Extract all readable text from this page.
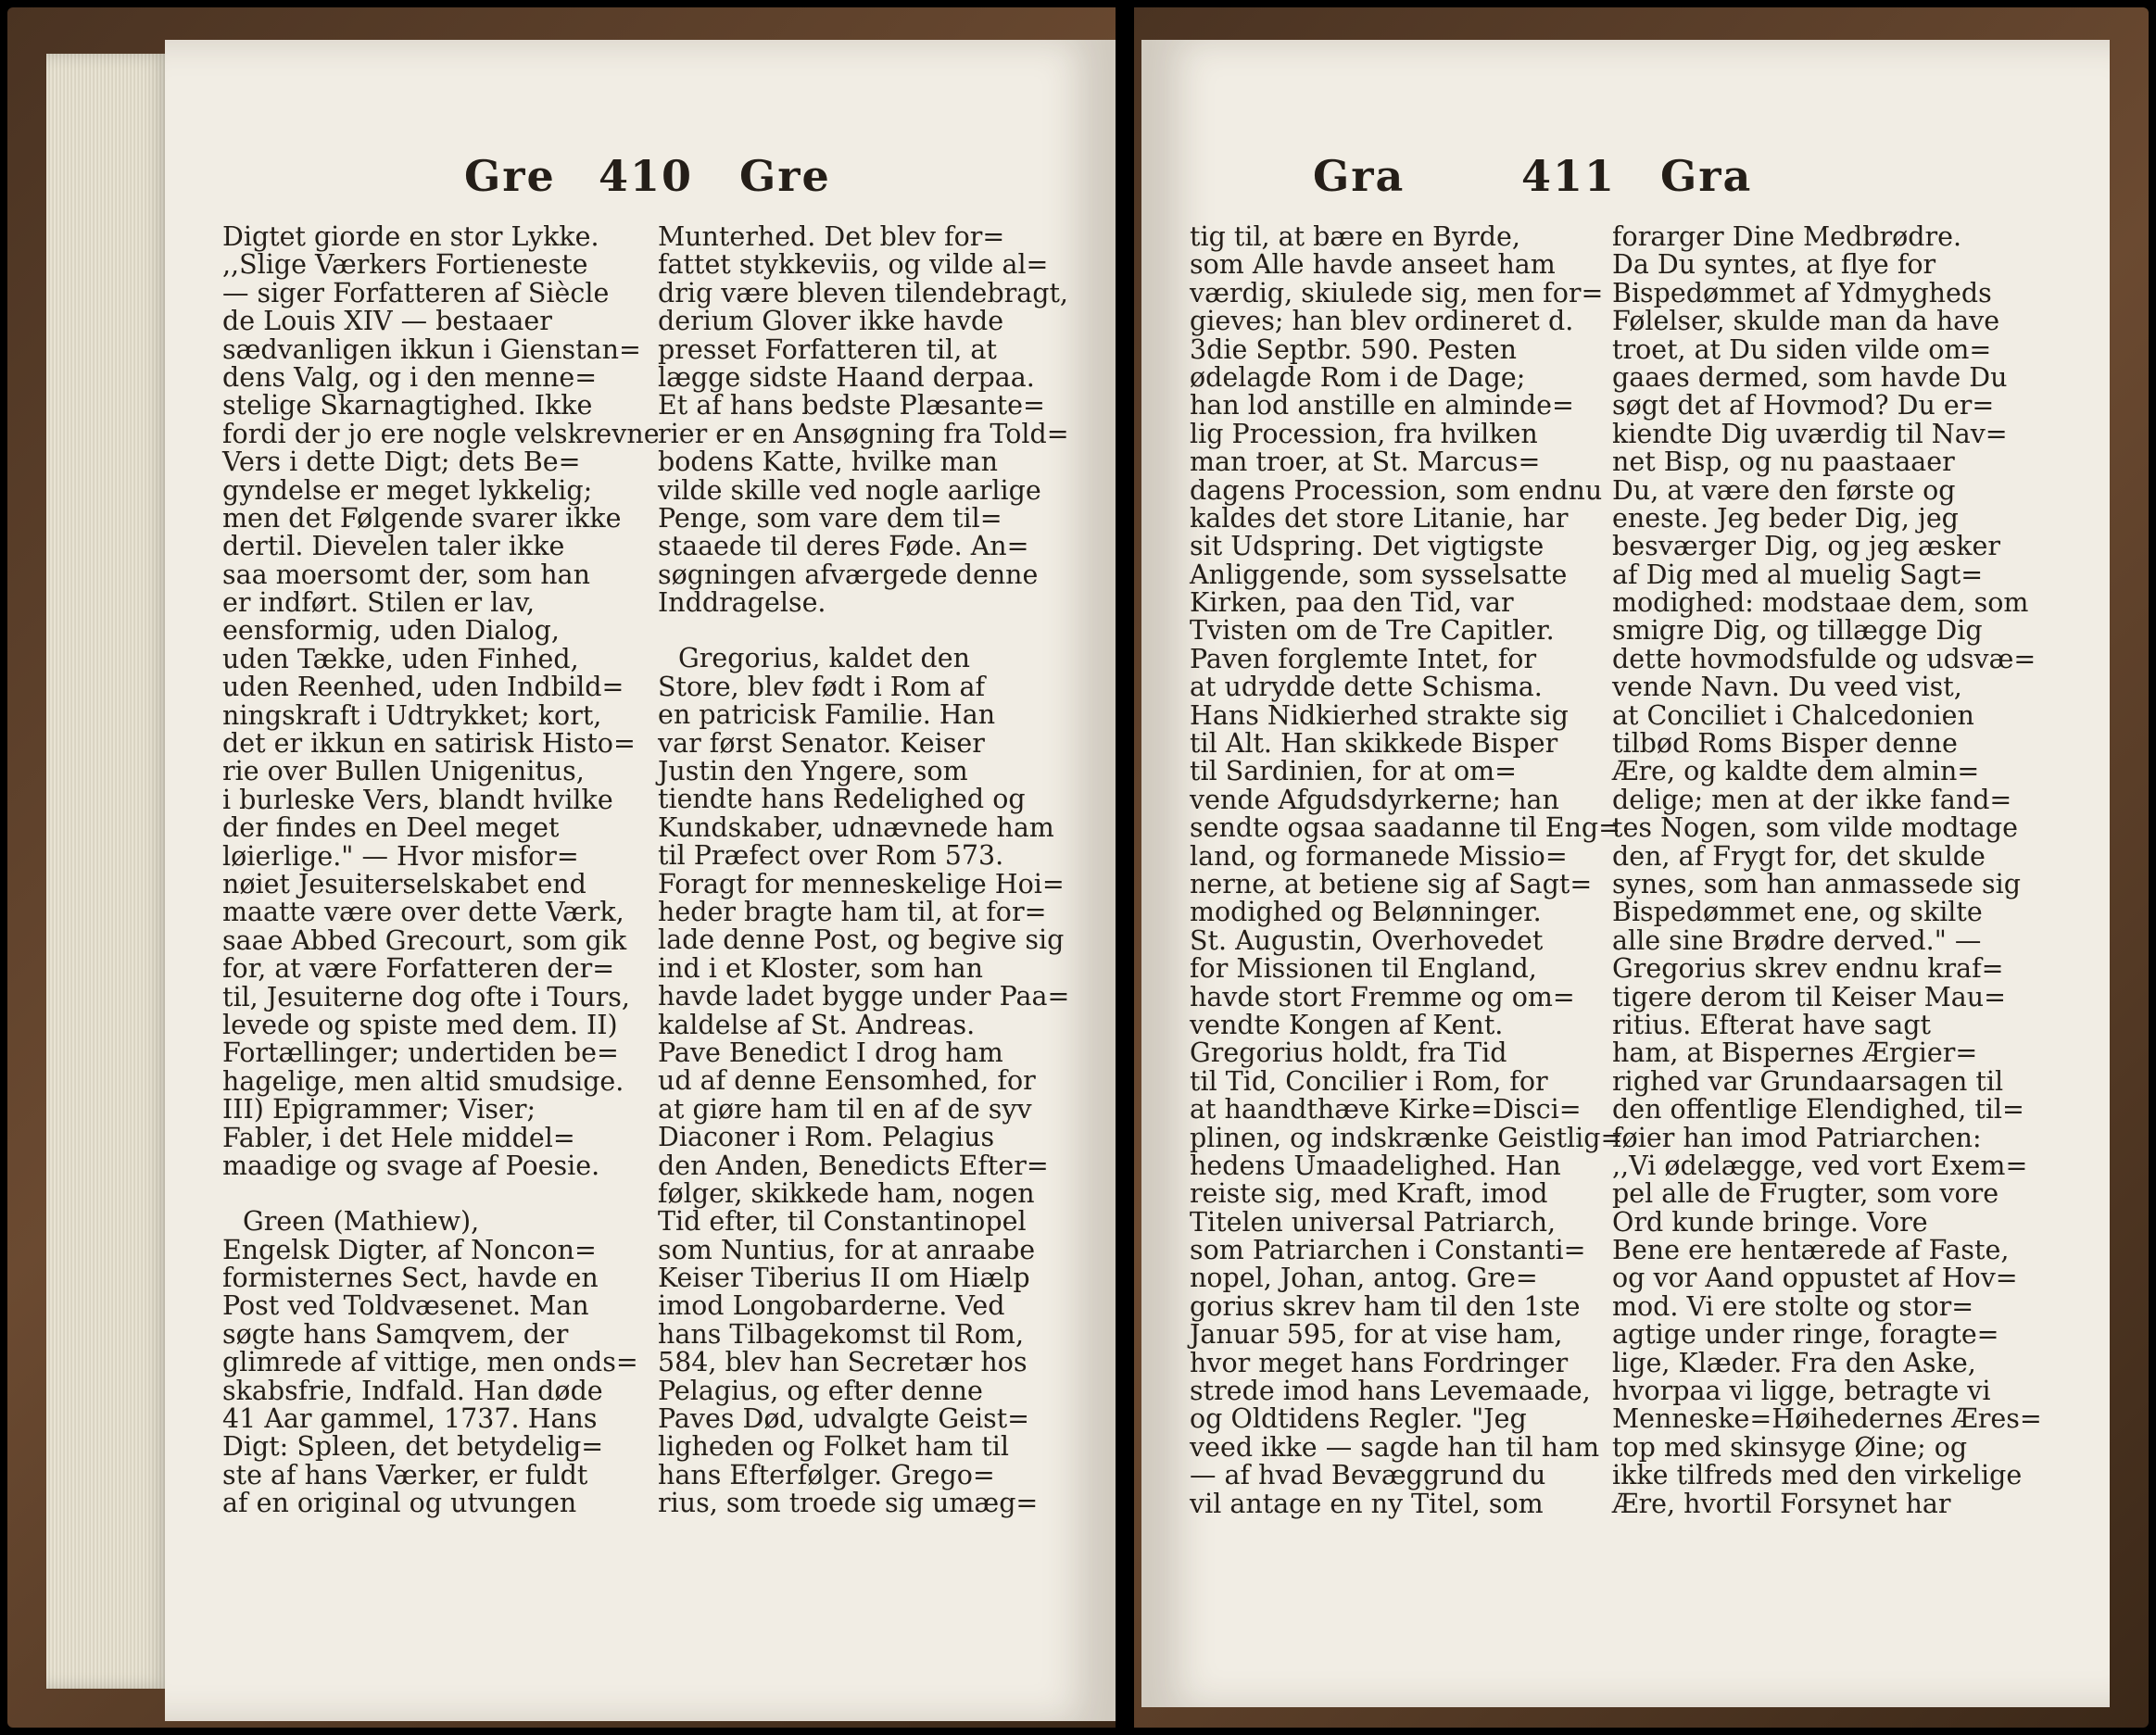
Gre 410 Gre
Digtet giorde en stor Lykke.
,,Slige Værkers Fortieneste
— siger Forfatteren af Siècle
de Louis XIV — bestaaer
sædvanligen ikkun i Gienstan=
dens Valg, og i den menne=
stelige Skarnagtighed. Ikke
fordi der jo ere nogle velskrevne
Vers i dette Digt; dets Be=
gyndelse er meget lykkelig;
men det Følgende svarer ikke
dertil. Dievelen taler ikke
saa moersomt der, som han
er indført. Stilen er lav,
eensformig, uden Dialog,
uden Tække, uden Finhed,
uden Reenhed, uden Indbild=
ningskraft i Udtrykket; kort,
det er ikkun en satirisk Histo=
rie over Bullen Unigenitus,
i burleske Vers, blandt hvilke
der findes en Deel meget
løierlige." — Hvor misfor=
nøiet Jesuiterselskabet end
maatte være over dette Værk,
saae Abbed Grecourt, som gik
for, at være Forfatteren der=
til, Jesuiterne dog ofte i Tours,
levede og spiste med dem. II)
Fortællinger; undertiden be=
hagelige, men altid smudsige.
III) Epigrammer; Viser;
Fabler, i det Hele middel=
maadige og svage af Poesie.
Green (Mathiew),
Engelsk Digter, af Noncon=
formisternes Sect, havde en
Post ved Toldvæsenet. Man
søgte hans Samqvem, der
glimrede af vittige, men onds=
skabsfrie, Indfald. Han døde
41 Aar gammel, 1737. Hans
Digt: Spleen, det betydelig=
ste af hans Værker, er fuldt
af en original og utvungen
Munterhed. Det blev for=
fattet stykkeviis, og vilde al=
drig være bleven tilendebragt,
derium Glover ikke havde
presset Forfatteren til, at
lægge sidste Haand derpaa.
Et af hans bedste Plæsante=
rier er en Ansøgning fra Told=
bodens Katte, hvilke man
vilde skille ved nogle aarlige
Penge, som vare dem til=
staaede til deres Føde. An=
søgningen afværgede denne
Inddragelse.
Gregorius, kaldet den
Store, blev født i Rom af
en patricisk Familie. Han
var først Senator. Keiser
Justin den Yngere, som
tiendte hans Redelighed og
Kundskaber, udnævnede ham
til Præfect over Rom 573.
Foragt for menneskelige Hoi=
heder bragte ham til, at for=
lade denne Post, og begive sig
ind i et Kloster, som han
havde ladet bygge under Paa=
kaldelse af St. Andreas.
Pave Benedict I drog ham
ud af denne Eensomhed, for
at giøre ham til en af de syv
Diaconer i Rom. Pelagius
den Anden, Benedicts Efter=
følger, skikkede ham, nogen
Tid efter, til Constantinopel
som Nuntius, for at anraabe
Keiser Tiberius II om Hiælp
imod Longobarderne. Ved
hans Tilbagekomst til Rom,
584, blev han Secretær hos
Pelagius, og efter denne
Paves Død, udvalgte Geist=
ligheden og Folket ham til
hans Efterfølger. Grego=
rius, som troede sig umæg=
Gra	411 Gra
tig til, at bære en Byrde,
som Alle havde anseet ham
værdig, skiulede sig, men for=
gieves; han blev ordineret d.
3die Septbr. 590. Pesten
ødelagde Rom i de Dage;
han lod anstille en alminde=
lig Procession, fra hvilken
man troer, at St. Marcus=
dagens Procession, som endnu
kaldes det store Litanie, har
sit Udspring. Det vigtigste
Anliggende, som sysselsatte
Kirken, paa den Tid, var
Tvisten om de Tre Capitler.
Paven forglemte Intet, for
at udrydde dette Schisma.
Hans Nidkierhed strakte sig
til Alt. Han skikkede Bisper
til Sardinien, for at om=
vende Afgudsdyrkerne; han
sendte ogsaa saadanne til Eng=
land, og formanede Missio=
nerne, at betiene sig af Sagt=
modighed og Belønninger.
St. Augustin, Overhovedet
for Missionen til England,
havde stort Fremme og om=
vendte Kongen af Kent.
Gregorius holdt, fra Tid
til Tid, Concilier i Rom, for
at haandthæve Kirke=Disci=
plinen, og indskrænke Geistlig=
hedens Umaadelighed. Han
reiste sig, med Kraft, imod
Titelen universal Patriarch,
som Patriarchen i Constanti=
nopel, Johan, antog. Gre=
gorius skrev ham til den 1ste
Januar 595, for at vise ham,
hvor meget hans Fordringer
strede imod hans Levemaade,
og Oldtidens Regler. "Jeg
veed ikke — sagde han til ham
— af hvad Bevæggrund du
vil antage en ny Titel, som
forarger Dine Medbrødre.
Da Du syntes, at flye for
Bispedømmet af Ydmygheds
Følelser, skulde man da have
troet, at Du siden vilde om=
gaaes dermed, som havde Du
søgt det af Hovmod? Du er=
kiendte Dig uværdig til Nav=
net Bisp, og nu paastaaer
Du, at være den første og
eneste. Jeg beder Dig, jeg
besværger Dig, og jeg æsker
af Dig med al muelig Sagt=
modighed: modstaae dem, som
smigre Dig, og tillægge Dig
dette hovmodsfulde og udsvæ=
vende Navn. Du veed vist,
at Conciliet i Chalcedonien
tilbød Roms Bisper denne
Ære, og kaldte dem almin=
delige; men at der ikke fand=
tes Nogen, som vilde modtage
den, af Frygt for, det skulde
synes, som han anmassede sig
Bispedømmet ene, og skilte
alle sine Brødre derved." —
Gregorius skrev endnu kraf=
tigere derom til Keiser Mau=
ritius. Efterat have sagt
ham, at Bispernes Ærgier=
righed var Grundaarsagen til
den offentlige Elendighed, til=
føier han imod Patriarchen:
,,Vi ødelægge, ved vort Exem=
pel alle de Frugter, som vore
Ord kunde bringe. Vore
Bene ere hentærede af Faste,
og vor Aand oppustet af Hov=
mod. Vi ere stolte og stor=
agtige under ringe, foragte=
lige, Klæder. Fra den Aske,
hvorpaa vi ligge, betragte vi
Menneske=Høihedernes Æres=
top med skinsyge Øine; og
ikke tilfreds med den virkelige
Ære, hvortil Forsynet har
